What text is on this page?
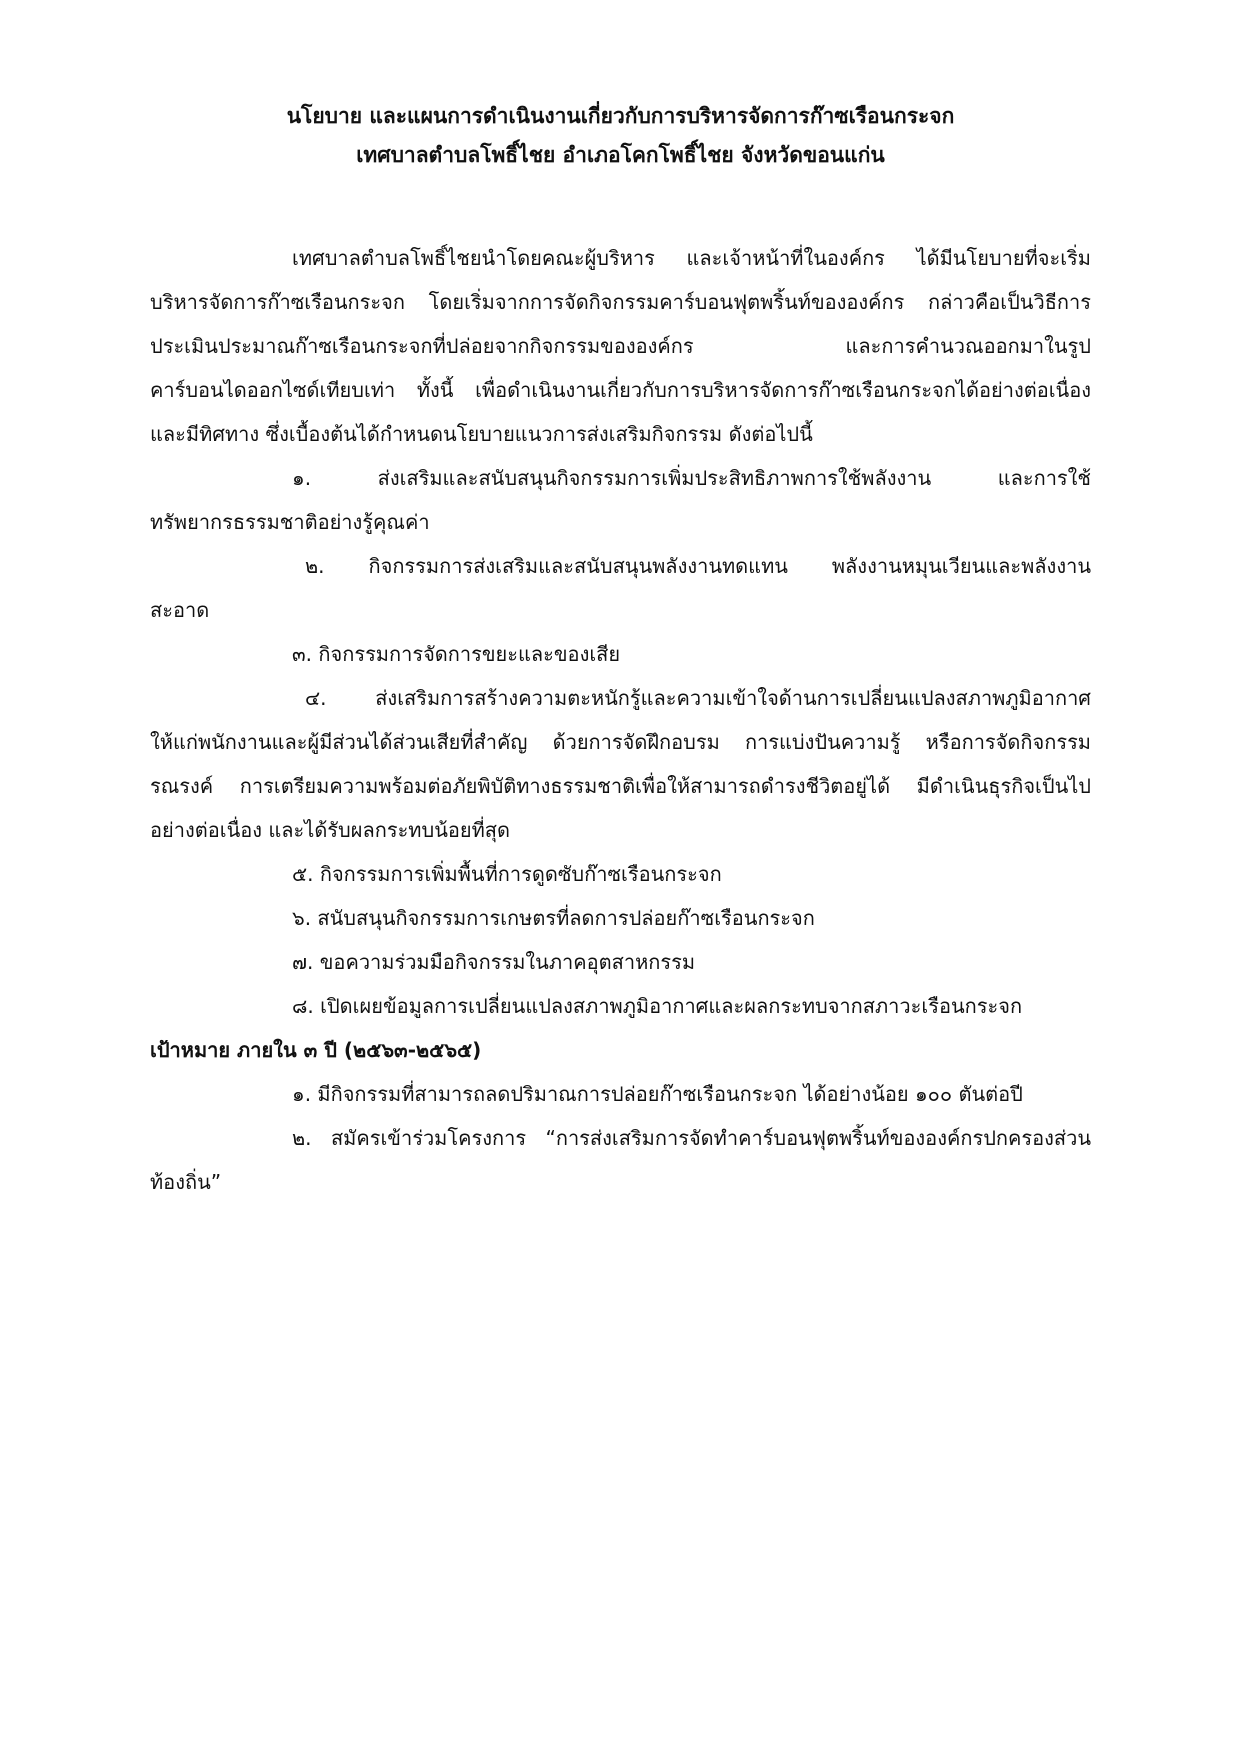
นโยบาย และแผนการดำเนินงานเกี่ยวกับการบริหารจัดการก๊าซเรือนกระจก
เทศบาลตำบลโพธิ์ไชย อำเภอโคกโพธิ์ไชย จังหวัดขอนแก่น
เทศบาลตำบลโพธิ์ไชยนำโดยคณะผู้บริหาร และเจ้าหน้าที่ในองค์กร ได้มีนโยบายที่จะเริ่ม
บริหารจัดการก๊าซเรือนกระจก โดยเริ่มจากการจัดกิจกรรมคาร์บอนฟุตพริ้นท์ขององค์กร กล่าวคือเป็นวิธีการ
ประเมินประมาณก๊าซเรือนกระจกที่ปล่อยจากกิจกรรมขององค์กร และการคำนวณออกมาในรูป
คาร์บอนไดออกไซด์เทียบเท่า ทั้งนี้ เพื่อดำเนินงานเกี่ยวกับการบริหารจัดการก๊าซเรือนกระจกได้อย่างต่อเนื่อง
และมีทิศทาง ซึ่งเบื้องต้นได้กำหนดนโยบายแนวการส่งเสริมกิจกรรม ดังต่อไปนี้
๑. ส่งเสริมและสนับสนุนกิจกรรมการเพิ่มประสิทธิภาพการใช้พลังงาน และการใช้
ทรัพยากรธรรมชาติอย่างรู้คุณค่า
๒. กิจกรรมการส่งเสริมและสนับสนุนพลังงานทดแทน พลังงานหมุนเวียนและพลังงาน
สะอาด
๓. กิจกรรมการจัดการขยะและของเสีย
๔. ส่งเสริมการสร้างความตะหนักรู้และความเข้าใจด้านการเปลี่ยนแปลงสภาพภูมิอากาศ
ให้แก่พนักงานและผู้มีส่วนได้ส่วนเสียที่สำคัญ ด้วยการจัดฝึกอบรม การแบ่งปันความรู้ หรือการจัดกิจกรรม
รณรงค์ การเตรียมความพร้อมต่อภัยพิบัติทางธรรมชาติเพื่อให้สามารถดำรงชีวิตอยู่ได้ มีดำเนินธุรกิจเป็นไป
อย่างต่อเนื่อง และได้รับผลกระทบน้อยที่สุด
๕. กิจกรรมการเพิ่มพื้นที่การดูดซับก๊าซเรือนกระจก
๖. สนับสนุนกิจกรรมการเกษตรที่ลดการปล่อยก๊าซเรือนกระจก
๗. ขอความร่วมมือกิจกรรมในภาคอุตสาหกรรม
๘. เปิดเผยข้อมูลการเปลี่ยนแปลงสภาพภูมิอากาศและผลกระทบจากสภาวะเรือนกระจก
เป้าหมาย ภายใน ๓ ปี (๒๕๖๓-๒๕๖๕)
๑. มีกิจกรรมที่สามารถลดปริมาณการปล่อยก๊าซเรือนกระจก ได้อย่างน้อย ๑๐๐ ตันต่อปี
๒. สมัครเข้าร่วมโครงการ “การส่งเสริมการจัดทำคาร์บอนฟุตพริ้นท์ขององค์กรปกครองส่วน
ท้องถิ่น”
